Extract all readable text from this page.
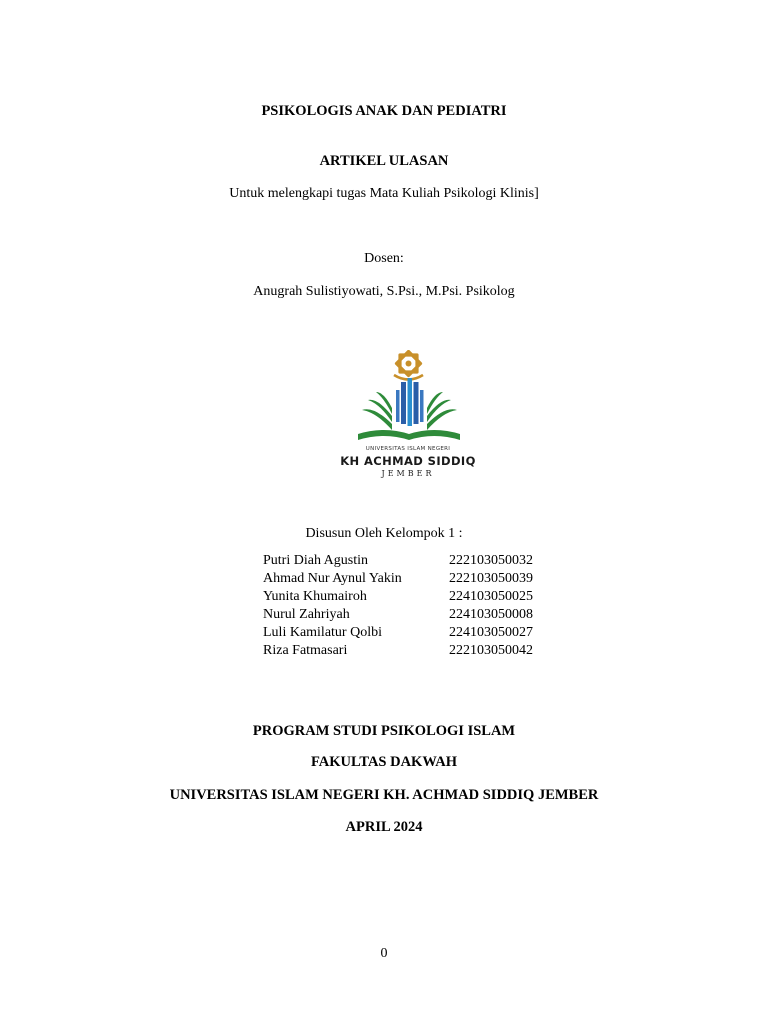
PSIKOLOGIS ANAK DAN PEDIATRI
ARTIKEL ULASAN
Untuk melengkapi tugas Mata Kuliah Psikologi Klinis]
Dosen:
Anugrah Sulistiyowati, S.Psi., M.Psi. Psikolog
UNIVERSITAS ISLAM NEGERI
KH ACHMAD SIDDIQ
JEMBER
Disusun Oleh Kelompok 1 :
Putri Diah Agustin	222103050032
Ahmad Nur Aynul Yakin	222103050039
Yunita Khumairoh	224103050025
Nurul Zahriyah	224103050008
Luli Kamilatur Qolbi	224103050027
Riza Fatmasari	222103050042
PROGRAM STUDI PSIKOLOGI ISLAM
FAKULTAS DAKWAH
UNIVERSITAS ISLAM NEGERI KH. ACHMAD SIDDIQ JEMBER
APRIL 2024
0
